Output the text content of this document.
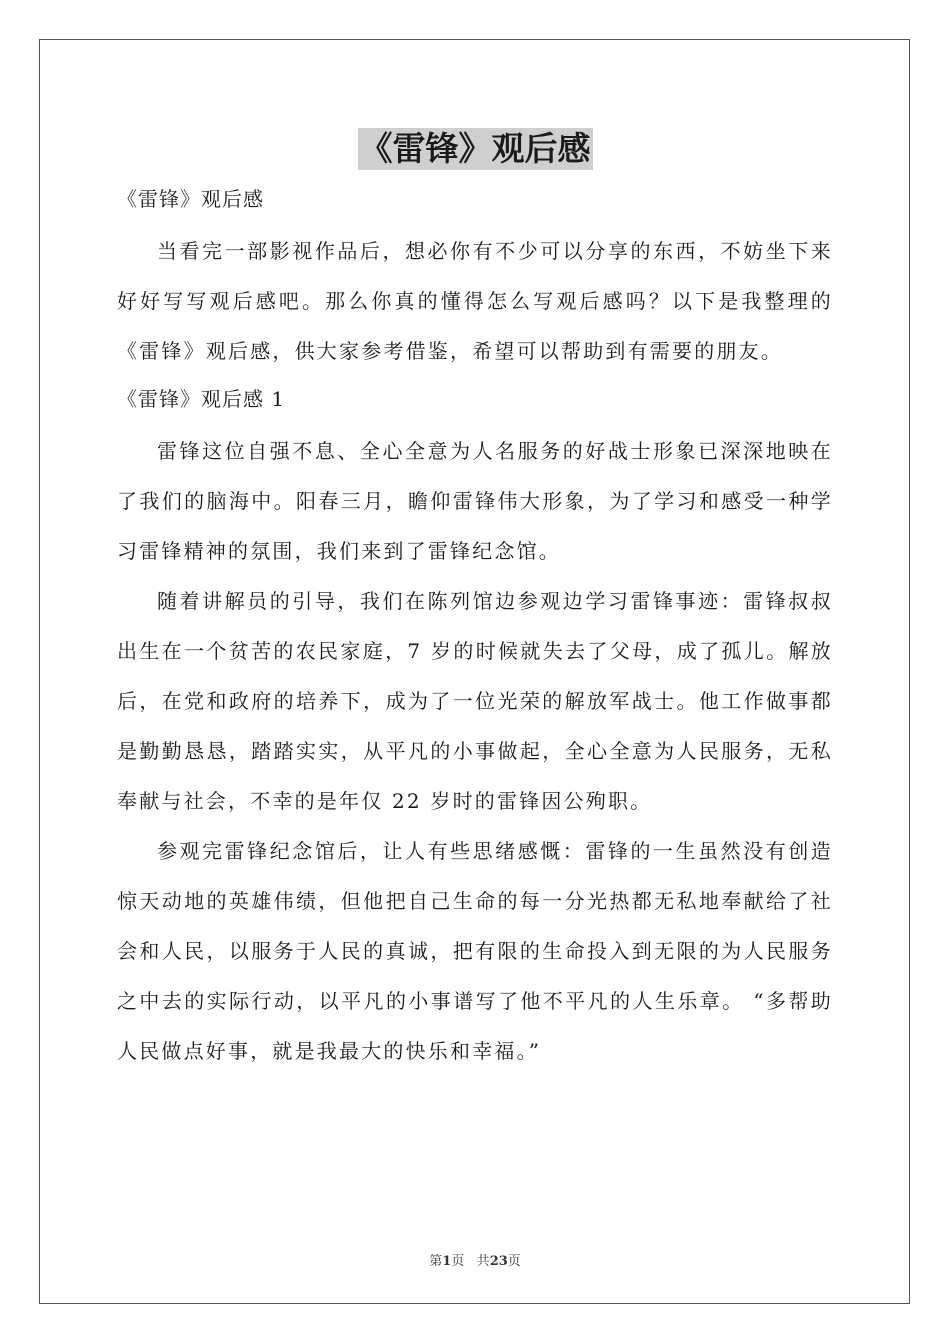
《雷锋》观后感
《雷锋》观后感

当看完一部影视作品后，想必你有不少可以分享的东西，不妨坐下来好好写写观后感吧。那么你真的懂得怎么写观后感吗？以下是我整理的《雷锋》观后感，供大家参考借鉴，希望可以帮助到有需要的朋友。

《雷锋》观后感 1

雷锋这位自强不息、全心全意为人名服务的好战士形象已深深地映在了我们的脑海中。阳春三月，瞻仰雷锋伟大形象，为了学习和感受一种学习雷锋精神的氛围，我们来到了雷锋纪念馆。

随着讲解员的引导，我们在陈列馆边参观边学习雷锋事迹：雷锋叔叔出生在一个贫苦的农民家庭，7 岁的时候就失去了父母，成了孤儿。解放后，在党和政府的培养下，成为了一位光荣的解放军战士。他工作做事都是勤勤恳恳，踏踏实实，从平凡的小事做起，全心全意为人民服务，无私奉献与社会，不幸的是年仅 22 岁时的雷锋因公殉职。

参观完雷锋纪念馆后，让人有些思绪感慨：雷锋的一生虽然没有创造惊天动地的英雄伟绩，但他把自己生命的每一分光热都无私地奉献给了社会和人民，以服务于人民的真诚，把有限的生命投入到无限的为人民服务之中去的实际行动，以平凡的小事谱写了他不平凡的人生乐章。 “多帮助人民做点好事，就是我最大的快乐和幸福。”

第1页 共23页
